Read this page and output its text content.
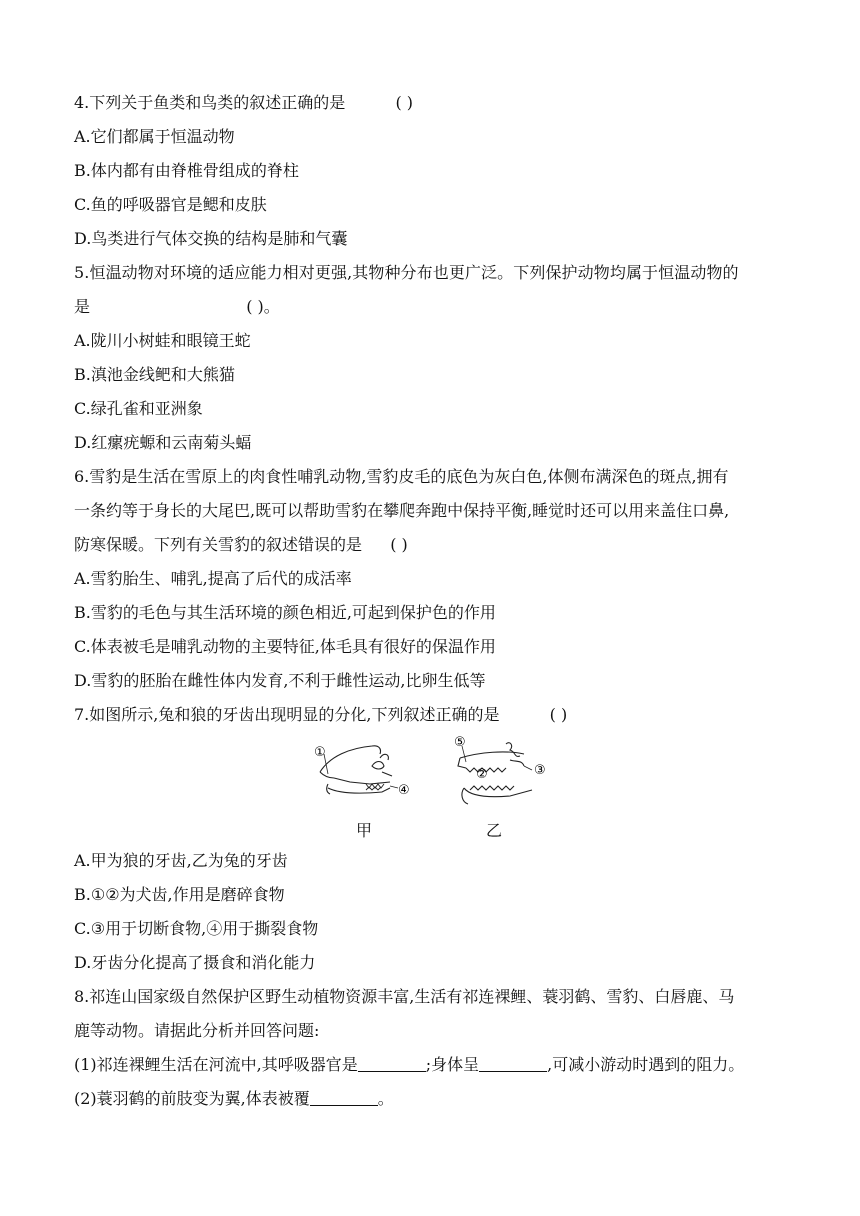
4.下列关于鱼类和鸟类的叙述正确的是	( )
A.它们都属于恒温动物
B.体内都有由脊椎骨组成的脊柱
C.鱼的呼吸器官是鳃和皮肤
D.鸟类进行气体交换的结构是肺和气囊
5.恒温动物对环境的适应能力相对更强,其物种分布也更广泛。下列保护动物均属于恒温动物的
是	( )。
A.陇川小树蛙和眼镜王蛇
B.滇池金线鲃和大熊猫
C.绿孔雀和亚洲象
D.红瘰疣螈和云南菊头蝠
6.雪豹是生活在雪原上的肉食性哺乳动物,雪豹皮毛的底色为灰白色,体侧布满深色的斑点,拥有
一条约等于身长的大尾巴,既可以帮助雪豹在攀爬奔跑中保持平衡,睡觉时还可以用来盖住口鼻,
防寒保暖。下列有关雪豹的叙述错误的是 ( )
A.雪豹胎生、哺乳,提高了后代的成活率
B.雪豹的毛色与其生活环境的颜色相近,可起到保护色的作用
C.体表被毛是哺乳动物的主要特征,体毛具有很好的保温作用
D.雪豹的胚胎在雌性体内发育,不利于雌性运动,比卵生低等
7.如图所示,兔和狼的牙齿出现明显的分化,下列叙述正确的是	( )
①
④
⑤
②	③
甲	乙
A.甲为狼的牙齿,乙为兔的牙齿
B.①②为犬齿,作用是磨碎食物
C.③用于切断食物,④用于撕裂食物
D.牙齿分化提高了摄食和消化能力
8.祁连山国家级自然保护区野生动植物资源丰富,生活有祁连裸鲤、蓑羽鹤、雪豹、白唇鹿、马
鹿等动物。请据此分析并回答问题:
(1)祁连裸鲤生活在河流中,其呼吸器官是	;身体呈	,可减小游动时遇到的阻力。
(2)蓑羽鹤的前肢变为翼,体表被覆	。
